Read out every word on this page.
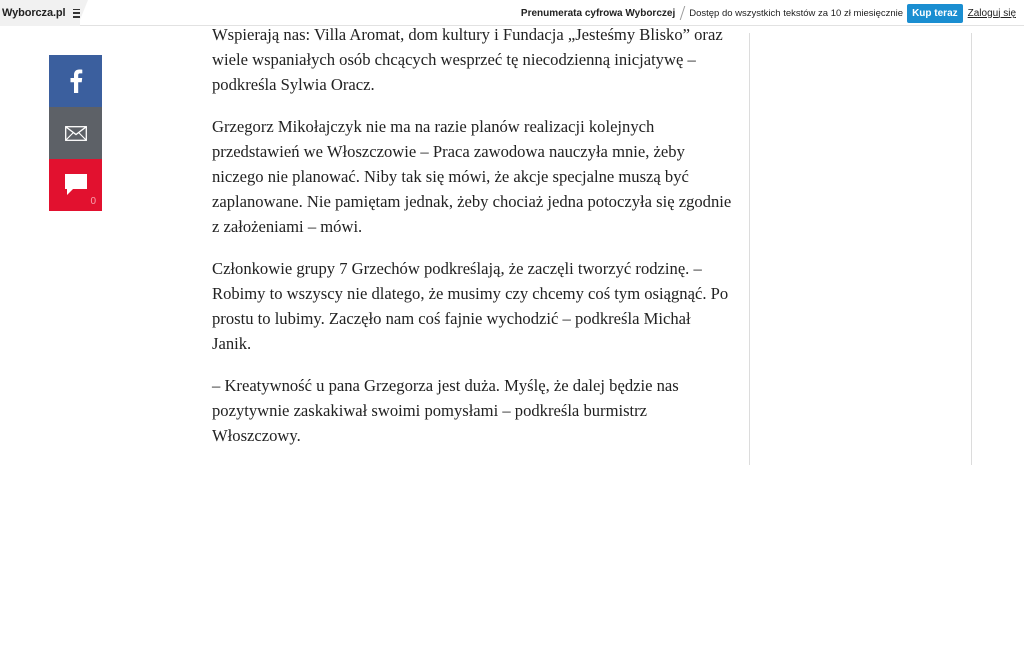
Wyborcza.pl	Prenumerata cyfrowa Wyborczej Dostęp do wszystkich tekstów za 10 zł miesięcznie Kup teraz	Zaloguj się
0

Wspierają nas: Villa Aromat, dom kultury i Fundacja „Jesteśmy Blisko” oraz wiele wspaniałych osób chcących wesprzeć tę niecodzienną inicjatywę – podkreśla Sylwia Oracz.

Grzegorz Mikołajczyk nie ma na razie planów realizacji kolejnych przedstawień we Włoszczowie – Praca zawodowa nauczyła mnie, żeby niczego nie planować. Niby tak się mówi, że akcje specjalne muszą być zaplanowane. Nie pamiętam jednak, żeby chociaż jedna potoczyła się zgodnie z założeniami – mówi.

Członkowie grupy 7 Grzechów podkreślają, że zaczęli tworzyć rodzinę. – Robimy to wszyscy nie dlatego, że musimy czy chcemy coś tym osiągnąć. Po prostu to lubimy. Zaczęło nam coś fajnie wychodzić – podkreśla Michał Janik.

– Kreatywność u pana Grzegorza jest duża. Myślę, że dalej będzie nas pozytywnie zaskakiwał swoimi pomysłami – podkreśla burmistrz Włoszczowy.
